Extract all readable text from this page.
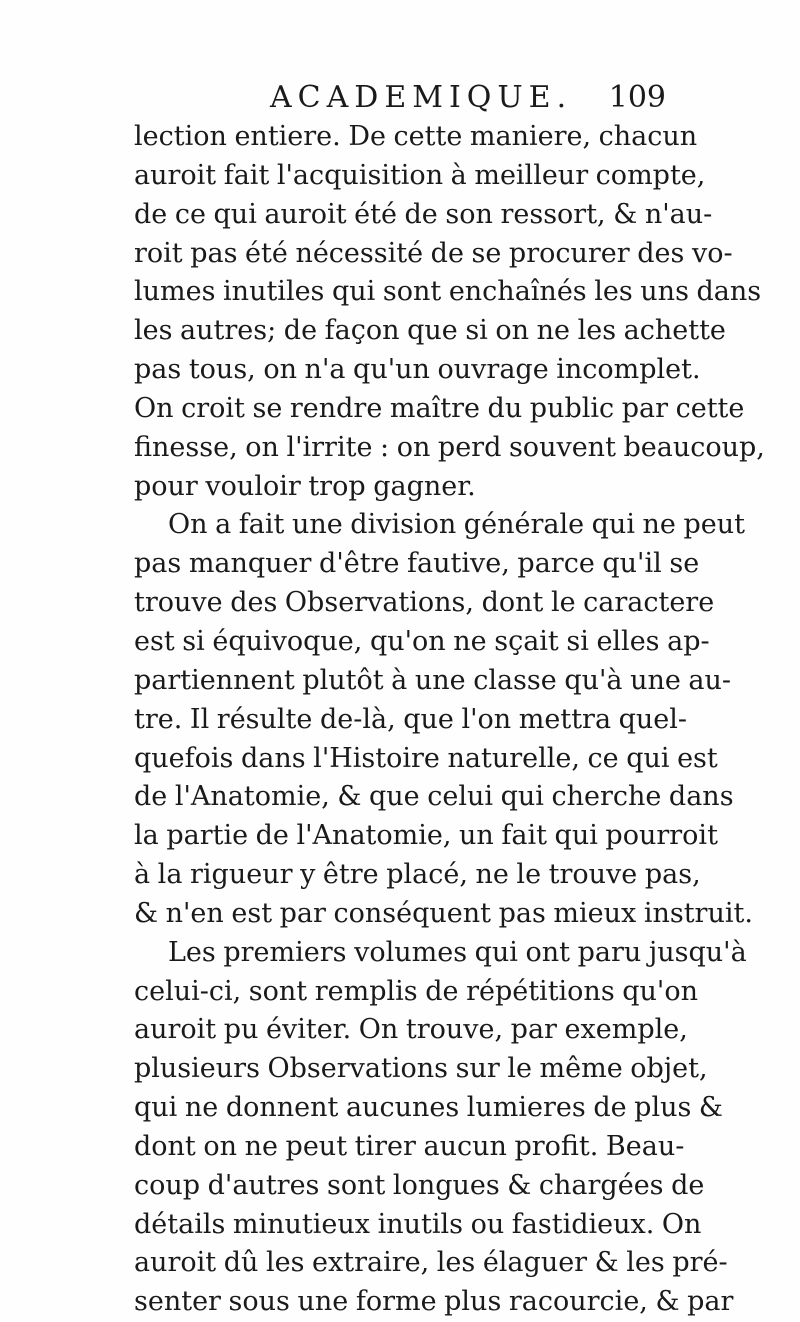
ACADEMIQUE. 109
lection entiere. De cette maniere, chacun
auroit fait l'acquisition à meilleur compte,
de ce qui auroit été de son ressort, & n'au-
roit pas été nécessité de se procurer des vo-
lumes inutiles qui sont enchaînés les uns dans
les autres; de façon que si on ne les achette
pas tous, on n'a qu'un ouvrage incomplet.
On croit se rendre maître du public par cette
finesse, on l'irrite : on perd souvent beaucoup,
pour vouloir trop gagner.
On a fait une division générale qui ne peut
pas manquer d'être fautive, parce qu'il se
trouve des Observations, dont le caractere
est si équivoque, qu'on ne sçait si elles ap-
partiennent plutôt à une classe qu'à une au-
tre. Il résulte de-là, que l'on mettra quel-
quefois dans l'Histoire naturelle, ce qui est
de l'Anatomie, & que celui qui cherche dans
la partie de l'Anatomie, un fait qui pourroit
à la rigueur y être placé, ne le trouve pas,
& n'en est par conséquent pas mieux instruit.
Les premiers volumes qui ont paru jusqu'à
celui-ci, sont remplis de répétitions qu'on
auroit pu éviter. On trouve, par exemple,
plusieurs Observations sur le même objet,
qui ne donnent aucunes lumieres de plus &
dont on ne peut tirer aucun profit. Beau-
coup d'autres sont longues & chargées de
détails minutieux inutils ou fastidieux. On
auroit dû les extraire, les élaguer & les pré-
senter sous une forme plus racourcie, & par
